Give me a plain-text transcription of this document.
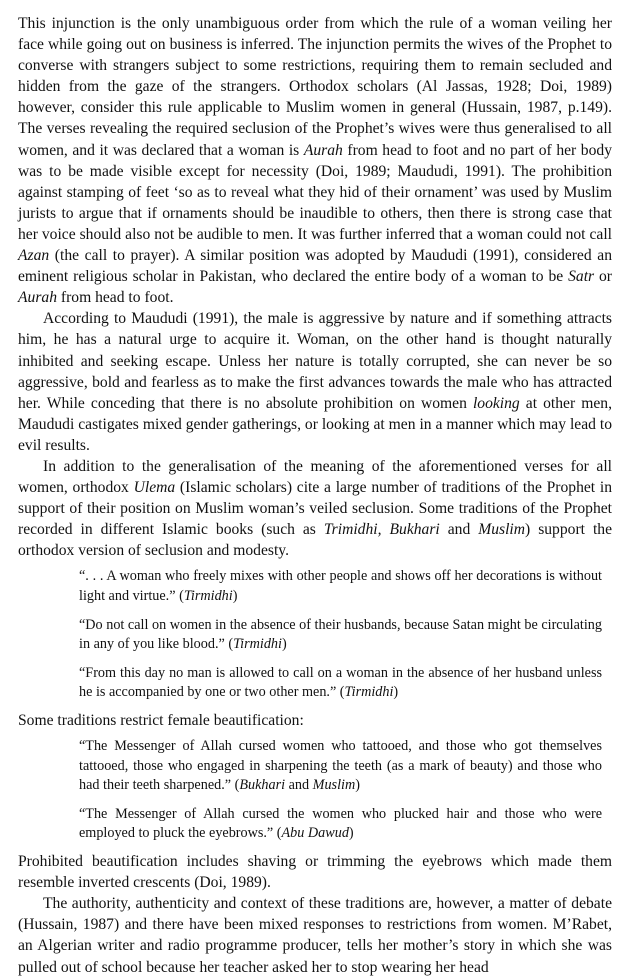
This injunction is the only unambiguous order from which the rule of a woman veiling her face while going out on business is inferred. The injunction permits the wives of the Prophet to converse with strangers subject to some restrictions, requiring them to remain secluded and hidden from the gaze of the strangers. Orthodox scholars (Al Jassas, 1928; Doi, 1989) however, consider this rule applicable to Muslim women in general (Hussain, 1987, p.149). The verses revealing the required seclusion of the Prophet’s wives were thus generalised to all women, and it was declared that a woman is Aurah from head to foot and no part of her body was to be made visible except for necessity (Doi, 1989; Maududi, 1991). The prohibition against stamping of feet ‘so as to reveal what they hid of their ornament’ was used by Muslim jurists to argue that if ornaments should be inaudible to others, then there is strong case that her voice should also not be audible to men. It was further inferred that a woman could not call Azan (the call to prayer). A similar position was adopted by Maududi (1991), considered an eminent religious scholar in Pakistan, who declared the entire body of a woman to be Satr or Aurah from head to foot.

According to Maududi (1991), the male is aggressive by nature and if something attracts him, he has a natural urge to acquire it. Woman, on the other hand is thought naturally inhibited and seeking escape. Unless her nature is totally corrupted, she can never be so aggressive, bold and fearless as to make the first advances towards the male who has attracted her. While conceding that there is no absolute prohibition on women looking at other men, Maududi castigates mixed gender gatherings, or looking at men in a manner which may lead to evil results.

In addition to the generalisation of the meaning of the aforementioned verses for all women, orthodox Ulema (Islamic scholars) cite a large number of traditions of the Prophet in support of their position on Muslim woman’s veiled seclusion. Some traditions of the Prophet recorded in different Islamic books (such as Trimidhi, Bukhari and Muslim) support the orthodox version of seclusion and modesty.

“. . . A woman who freely mixes with other people and shows off her decorations is without light and virtue.” (Tirmidhi)

“Do not call on women in the absence of their husbands, because Satan might be circulating in any of you like blood.” (Tirmidhi)

“From this day no man is allowed to call on a woman in the absence of her husband unless he is accompanied by one or two other men.” (Tirmidhi)

Some traditions restrict female beautification:

“The Messenger of Allah cursed women who tattooed, and those who got themselves tattooed, those who engaged in sharpening the teeth (as a mark of beauty) and those who had their teeth sharpened.” (Bukhari and Muslim)

“The Messenger of Allah cursed the women who plucked hair and those who were employed to pluck the eyebrows.” (Abu Dawud)

Prohibited beautification includes shaving or trimming the eyebrows which made them resemble inverted crescents (Doi, 1989).

The authority, authenticity and context of these traditions are, however, a matter of debate (Hussain, 1987) and there have been mixed responses to restrictions from women. M’Rabet, an Algerian writer and radio programme producer, tells her mother’s story in which she was pulled out of school because her teacher asked her to stop wearing her head
